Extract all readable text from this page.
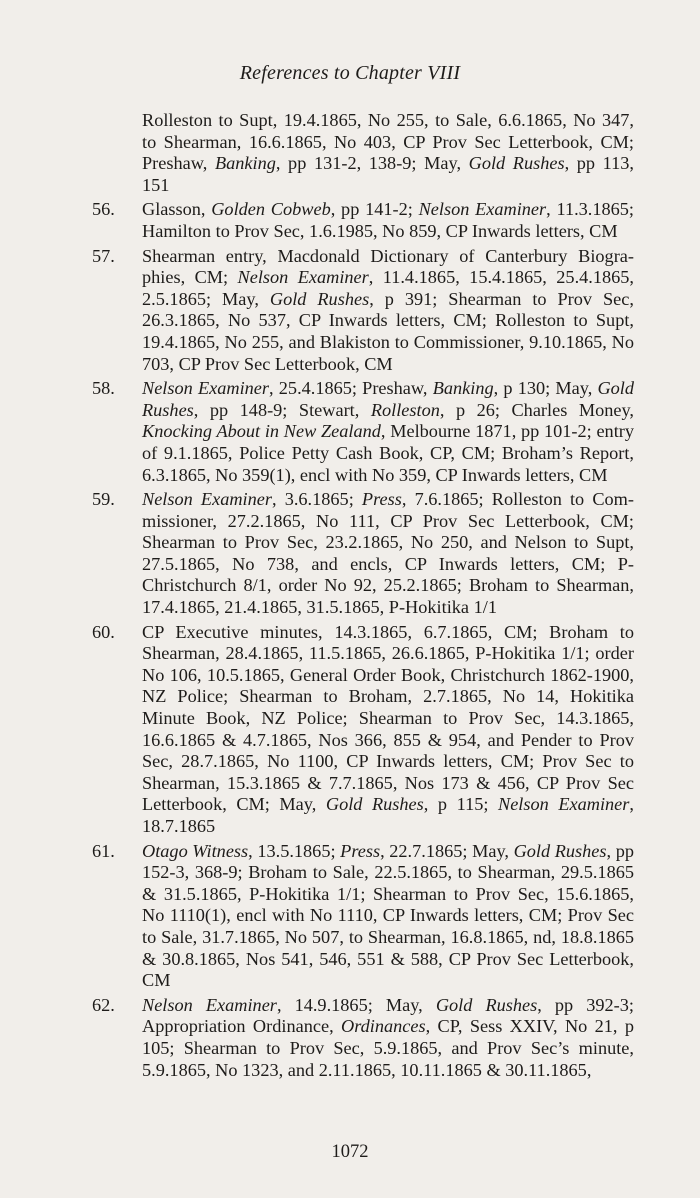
References to Chapter VIII
Rolleston to Supt, 19.4.1865, No 255, to Sale, 6.6.1865, No 347, to Shearman, 16.6.1865, No 403, CP Prov Sec Letterbook, CM; Preshaw, Banking, pp 131-2, 138-9; May, Gold Rushes, pp 113, 151
56. Glasson, Golden Cobweb, pp 141-2; Nelson Examiner, 11.3.1865; Hamilton to Prov Sec, 1.6.1985, No 859, CP Inwards letters, CM
57. Shearman entry, Macdonald Dictionary of Canterbury Biographies, CM; Nelson Examiner, 11.4.1865, 15.4.1865, 25.4.1865, 2.5.1865; May, Gold Rushes, p 391; Shearman to Prov Sec, 26.3.1865, No 537, CP Inwards letters, CM; Rolleston to Supt, 19.4.1865, No 255, and Blakiston to Commissioner, 9.10.1865, No 703, CP Prov Sec Letterbook, CM
58. Nelson Examiner, 25.4.1865; Preshaw, Banking, p 130; May, Gold Rushes, pp 148-9; Stewart, Rolleston, p 26; Charles Money, Knocking About in New Zealand, Melbourne 1871, pp 101-2; entry of 9.1.1865, Police Petty Cash Book, CP, CM; Broham’s Report, 6.3.1865, No 359(1), encl with No 359, CP Inwards letters, CM
59. Nelson Examiner, 3.6.1865; Press, 7.6.1865; Rolleston to Commissioner, 27.2.1865, No 111, CP Prov Sec Letterbook, CM; Shearman to Prov Sec, 23.2.1865, No 250, and Nelson to Supt, 27.5.1865, No 738, and encls, CP Inwards letters, CM; P-Christchurch 8/1, order No 92, 25.2.1865; Broham to Shearman, 17.4.1865, 21.4.1865, 31.5.1865, P-Hokitika 1/1
60. CP Executive minutes, 14.3.1865, 6.7.1865, CM; Broham to Shearman, 28.4.1865, 11.5.1865, 26.6.1865, P-Hokitika 1/1; order No 106, 10.5.1865, General Order Book, Christchurch 1862-1900, NZ Police; Shearman to Broham, 2.7.1865, No 14, Hokitika Minute Book, NZ Police; Shearman to Prov Sec, 14.3.1865, 16.6.1865 & 4.7.1865, Nos 366, 855 & 954, and Pender to Prov Sec, 28.7.1865, No 1100, CP Inwards letters, CM; Prov Sec to Shearman, 15.3.1865 & 7.7.1865, Nos 173 & 456, CP Prov Sec Letterbook, CM; May, Gold Rushes, p 115; Nelson Examiner, 18.7.1865
61. Otago Witness, 13.5.1865; Press, 22.7.1865; May, Gold Rushes, pp 152-3, 368-9; Broham to Sale, 22.5.1865, to Shearman, 29.5.1865 & 31.5.1865, P-Hokitika 1/1; Shearman to Prov Sec, 15.6.1865, No 1110(1), encl with No 1110, CP Inwards letters, CM; Prov Sec to Sale, 31.7.1865, No 507, to Shearman, 16.8.1865, nd, 18.8.1865 & 30.8.1865, Nos 541, 546, 551 & 588, CP Prov Sec Letterbook, CM
62. Nelson Examiner, 14.9.1865; May, Gold Rushes, pp 392-3; Appropriation Ordinance, Ordinances, CP, Sess XXIV, No 21, p 105; Shearman to Prov Sec, 5.9.1865, and Prov Sec’s minute, 5.9.1865, No 1323, and 2.11.1865, 10.11.1865 & 30.11.1865,
1072
